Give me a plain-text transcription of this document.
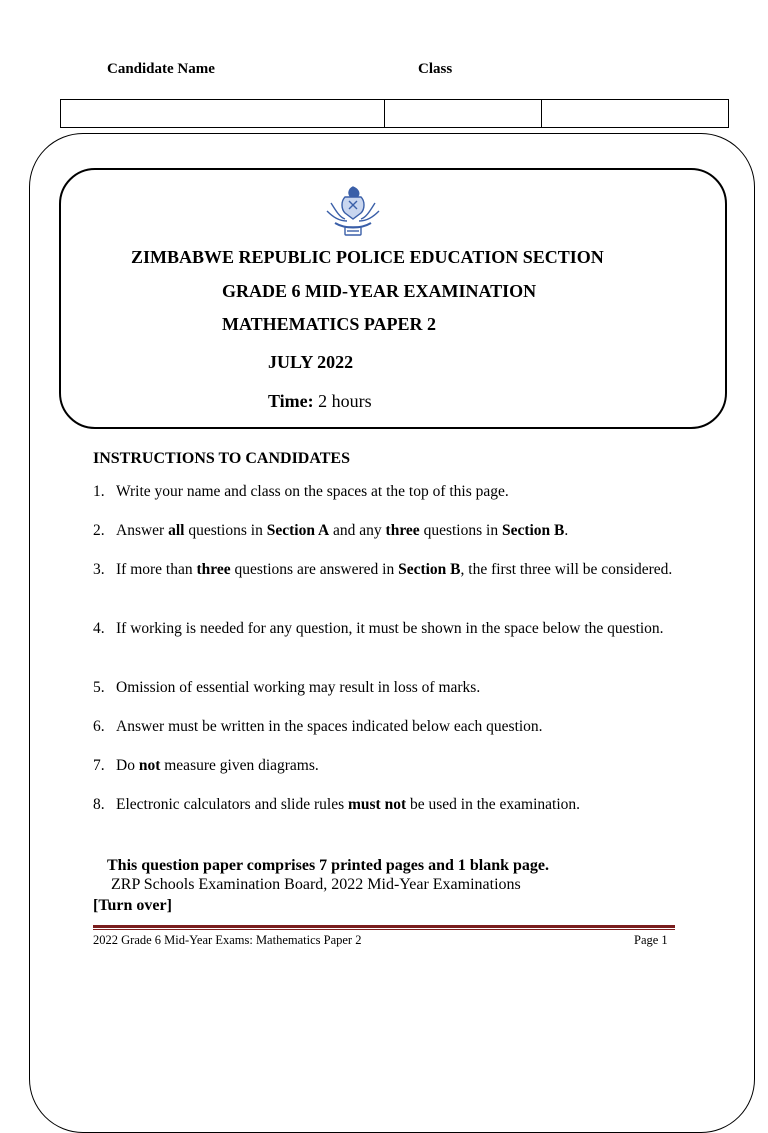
Candidate Name	Class
ZIMBABWE REPUBLIC POLICE EDUCATION SECTION
GRADE 6 MID-YEAR EXAMINATION
MATHEMATICS PAPER 2
JULY 2022
Time: 2 hours
INSTRUCTIONS TO CANDIDATES
1. Write your name and class on the spaces at the top of this page.
2. Answer all questions in Section A and any three questions in Section B.
3. If more than three questions are answered in Section B, the first three will be considered.
4. If working is needed for any question, it must be shown in the space below the question.
5. Omission of essential working may result in loss of marks.
6. Answer must be written in the spaces indicated below each question.
7. Do not measure given diagrams.
8. Electronic calculators and slide rules must not be used in the examination.
This question paper comprises 7 printed pages and 1 blank page.
ZRP Schools Examination Board, 2022 Mid-Year Examinations
[Turn over]
2022 Grade 6 Mid-Year Exams: Mathematics Paper 2	Page 1
